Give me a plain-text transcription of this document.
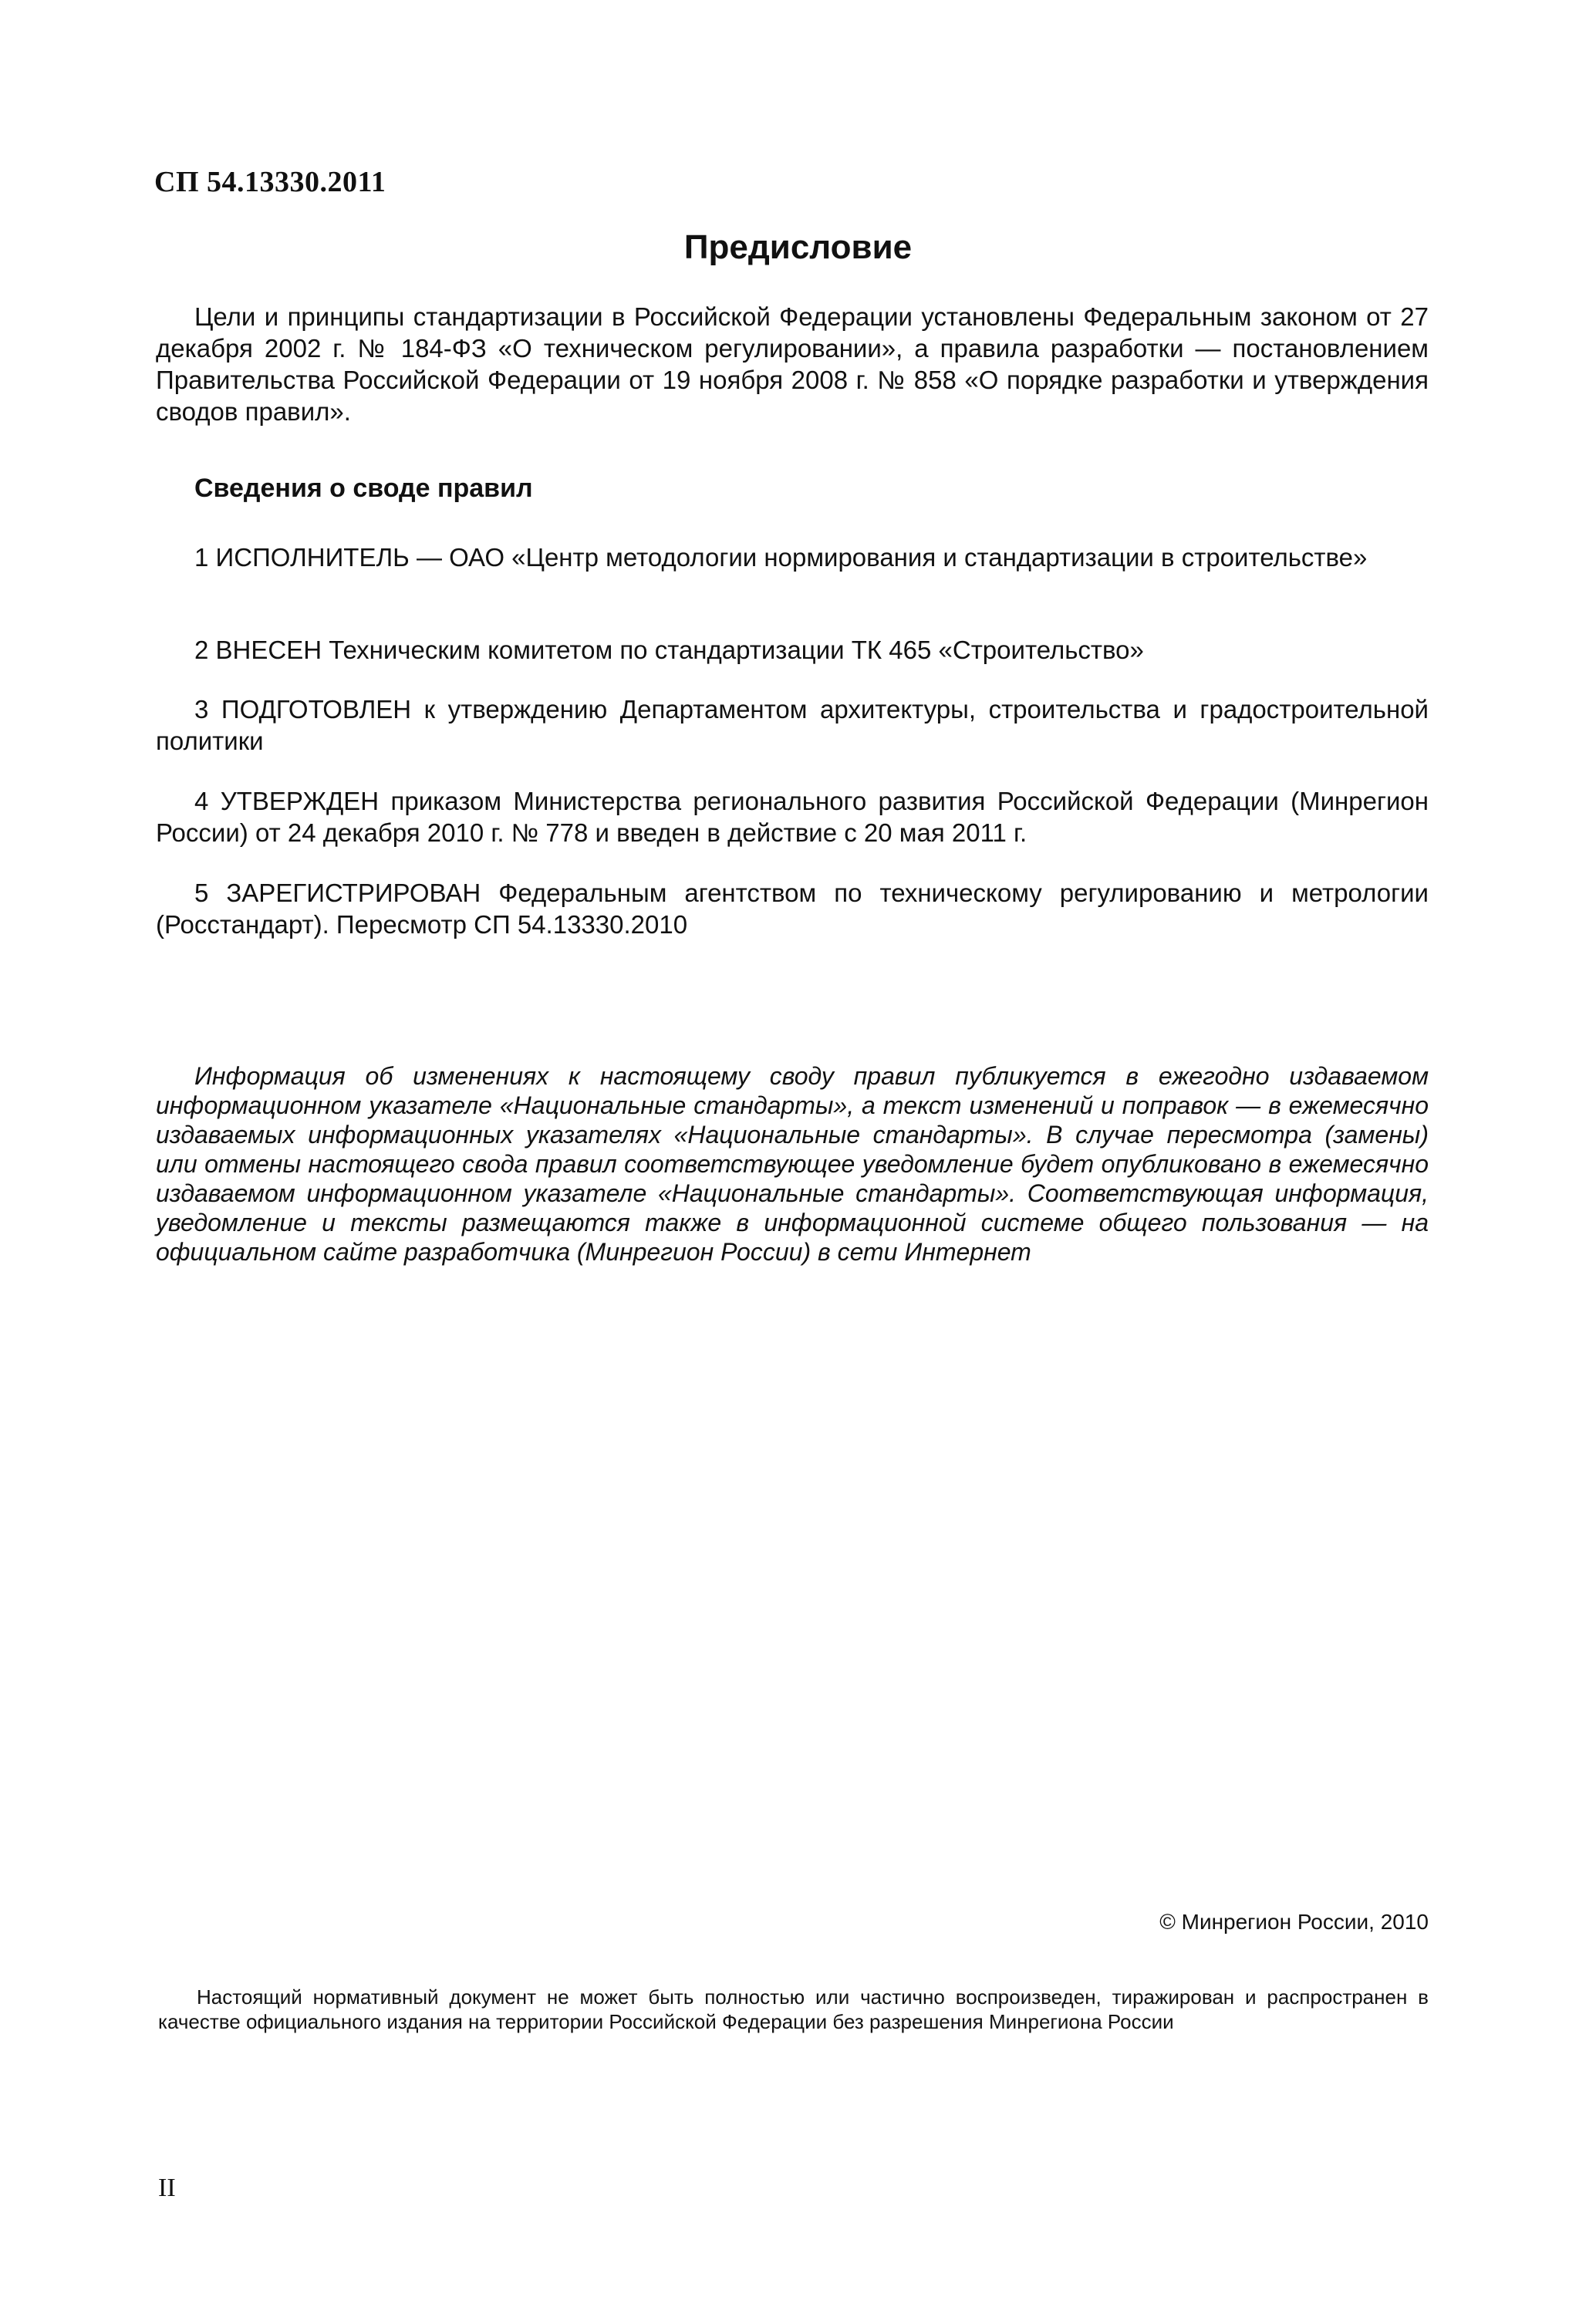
СП 54.13330.2011
Предисловие

Цели и принципы стандартизации в Российской Федерации установлены Федеральным законом от 27 декабря 2002 г. № 184-ФЗ «О техническом регулировании», а правила разработки — постановлением Правительства Российской Федерации от 19 ноября 2008 г. № 858 «О порядке разработки и утверждения сводов правил».

Сведения о своде правил

1 ИСПОЛНИТЕЛЬ — ОАО «Центр методологии нормирования и стандартизации в строительстве»

2 ВНЕСЕН Техническим комитетом по стандартизации ТК 465 «Строительство»

3 ПОДГОТОВЛЕН к утверждению Департаментом архитектуры, строительства и градостроительной политики

4 УТВЕРЖДЕН приказом Министерства регионального развития Российской Федерации (Минрегион России) от 24 декабря 2010 г. № 778 и введен в действие с 20 мая 2011 г.

5 ЗАРЕГИСТРИРОВАН Федеральным агентством по техническому регулированию и метрологии (Росстандарт). Пересмотр СП 54.13330.2010

Информация об изменениях к настоящему своду правил публикуется в ежегодно издаваемом информационном указателе «Национальные стандарты», а текст изменений и поправок — в ежемесячно издаваемых информационных указателях «Национальные стандарты». В случае пересмотра (замены) или отмены настоящего свода правил соответствующее уведомление будет опубликовано в ежемесячно издаваемом информационном указателе «Национальные стандарты». Соответствующая информация, уведомление и тексты размещаются также в информационной системе общего пользования — на официальном сайте разработчика (Минрегион России) в сети Интернет

© Минрегион России, 2010

Настоящий нормативный документ не может быть полностью или частично воспроизведен, тиражирован и распространен в качестве официального издания на территории Российской Федерации без разрешения Минрегиона России

II
